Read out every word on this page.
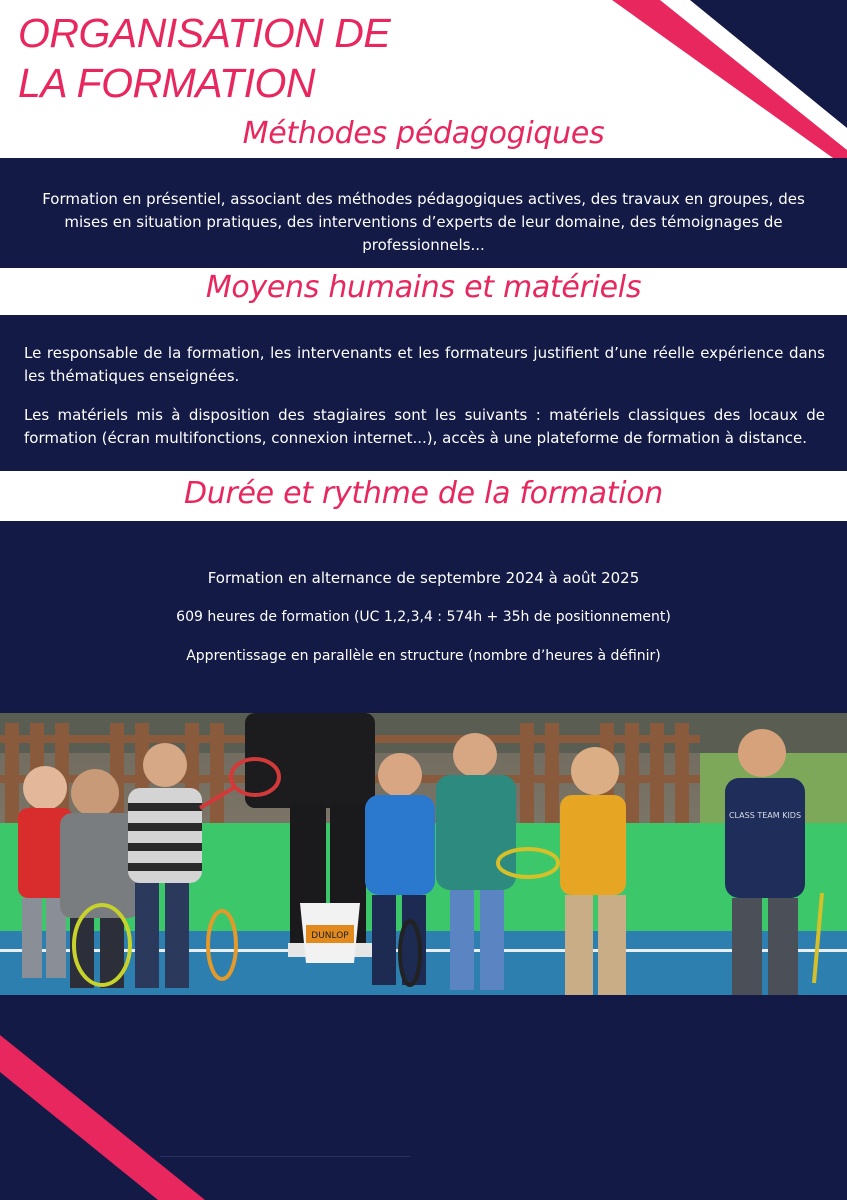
ORGANISATION DE
LA FORMATION
Méthodes pédagogiques

Formation en présentiel, associant des méthodes pédagogiques actives, des travaux en groupes, des mises en situation pratiques, des interventions d’experts de leur domaine, des témoignages de professionnels...

Moyens humains et matériels

Le responsable de la formation, les intervenants et les formateurs justifient d’une réelle expérience dans les thématiques enseignées.

Les matériels mis à disposition des stagiaires sont les suivants : matériels classiques des locaux de formation (écran multifonctions, connexion internet...), accès à une plateforme de formation à distance.

Durée et rythme de la formation

Formation en alternance de septembre 2024 à août 2025

609 heures de formation (UC 1,2,3,4 : 574h + 35h de positionnement)

Apprentissage en parallèle en structure (nombre d’heures à définir)

DUNLOP
CLASS TEAM KIDS
